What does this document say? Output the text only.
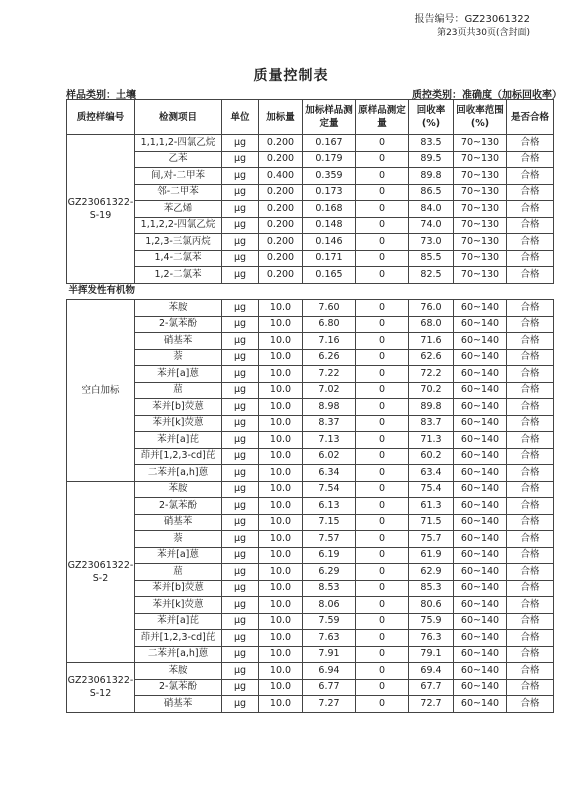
报告编号：GZ23061322
第23页共30页(含封面)
质量控制表
样品类别：土壤	质控类别：准确度（加标回收率）
质控样编号	检测项目	单位	加标量	加标样品测定量	原样品测定量	回收率(%)	回收率范围(%)	是否合格
GZ23061322-S-19	1,1,1,2-四氯乙烷	μg	0.200	0.167	0	83.5	70~130	合格
	乙苯	μg	0.200	0.179	0	89.5	70~130	合格
	间,对-二甲苯	μg	0.400	0.359	0	89.8	70~130	合格
	邻-二甲苯	μg	0.200	0.173	0	86.5	70~130	合格
	苯乙烯	μg	0.200	0.168	0	84.0	70~130	合格
	1,1,2,2-四氯乙烷	μg	0.200	0.148	0	74.0	70~130	合格
	1,2,3-三氯丙烷	μg	0.200	0.146	0	73.0	70~130	合格
	1,4-二氯苯	μg	0.200	0.171	0	85.5	70~130	合格
	1,2-二氯苯	μg	0.200	0.165	0	82.5	70~130	合格
半挥发性有机物								
空白加标	苯胺	μg	10.0	7.60	0	76.0	60~140	合格
	2-氯苯酚	μg	10.0	6.80	0	68.0	60~140	合格
	硝基苯	μg	10.0	7.16	0	71.6	60~140	合格
	萘	μg	10.0	6.26	0	62.6	60~140	合格
	苯并[a]蒽	μg	10.0	7.22	0	72.2	60~140	合格
	䓛	μg	10.0	7.02	0	70.2	60~140	合格
	苯并[b]荧蒽	μg	10.0	8.98	0	89.8	60~140	合格
	苯并[k]荧蒽	μg	10.0	8.37	0	83.7	60~140	合格
	苯并[a]芘	μg	10.0	7.13	0	71.3	60~140	合格
	茚并[1,2,3-cd]芘	μg	10.0	6.02	0	60.2	60~140	合格
	二苯并[a,h]蒽	μg	10.0	6.34	0	63.4	60~140	合格
GZ23061322-S-2	苯胺	μg	10.0	7.54	0	75.4	60~140	合格
	2-氯苯酚	μg	10.0	6.13	0	61.3	60~140	合格
	硝基苯	μg	10.0	7.15	0	71.5	60~140	合格
	萘	μg	10.0	7.57	0	75.7	60~140	合格
	苯并[a]蒽	μg	10.0	6.19	0	61.9	60~140	合格
	䓛	μg	10.0	6.29	0	62.9	60~140	合格
	苯并[b]荧蒽	μg	10.0	8.53	0	85.3	60~140	合格
	苯并[k]荧蒽	μg	10.0	8.06	0	80.6	60~140	合格
	苯并[a]芘	μg	10.0	7.59	0	75.9	60~140	合格
	茚并[1,2,3-cd]芘	μg	10.0	7.63	0	76.3	60~140	合格
	二苯并[a,h]蒽	μg	10.0	7.91	0	79.1	60~140	合格
GZ23061322-S-12	苯胺	μg	10.0	6.94	0	69.4	60~140	合格
	2-氯苯酚	μg	10.0	6.77	0	67.7	60~140	合格
	硝基苯	μg	10.0	7.27	0	72.7	60~140	合格
